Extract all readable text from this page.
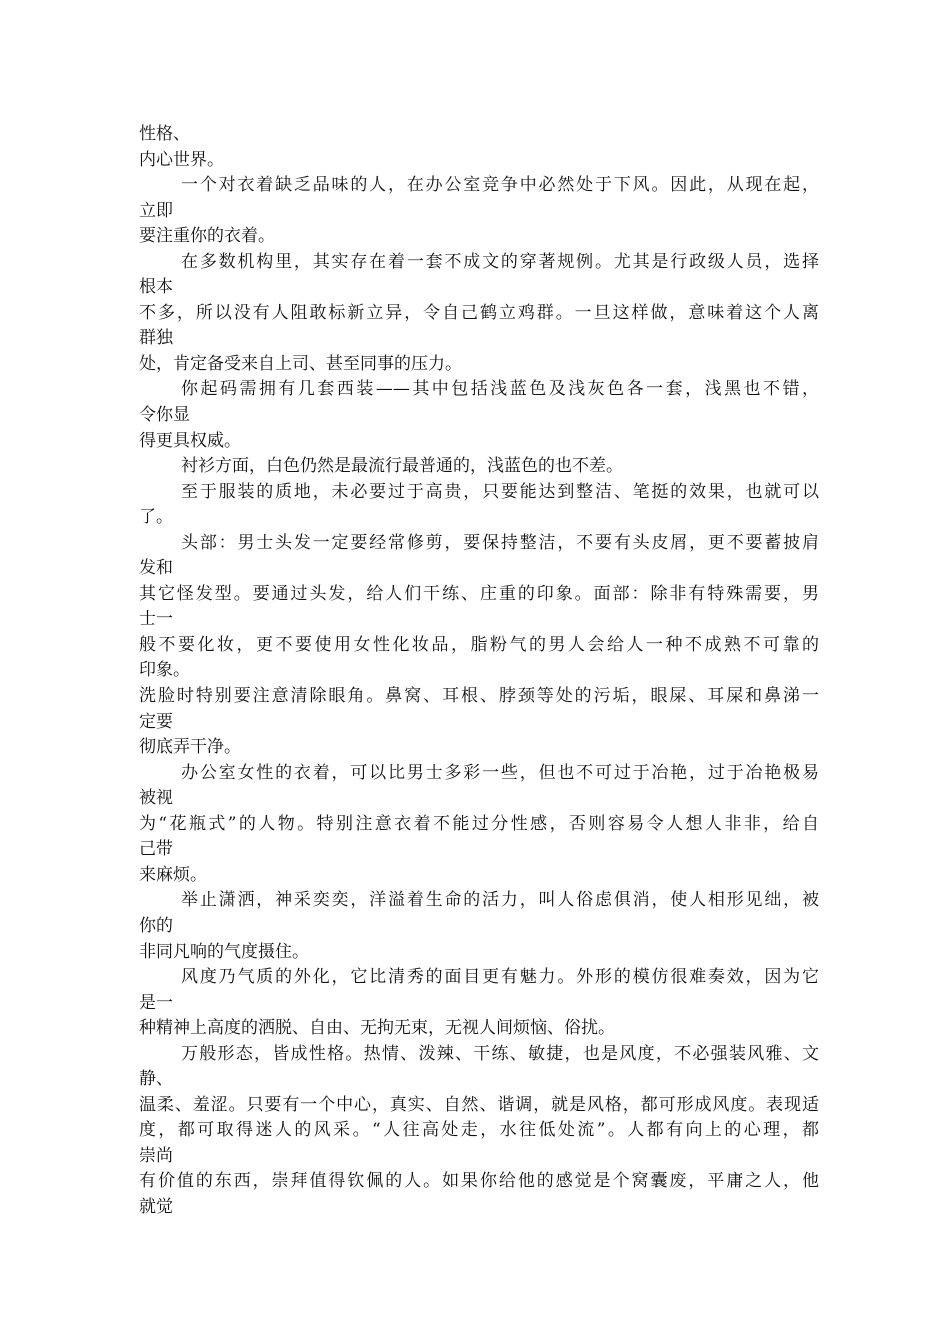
性格、
内心世界。
一个对衣着缺乏品味的人，在办公室竞争中必然处于下风。因此，从现在起，
立即
要注重你的衣着。
在多数机构里，其实存在着一套不成文的穿著规例。尤其是行政级人员，选择
根本
不多，所以没有人阻敢标新立异，令自己鹤立鸡群。一旦这样做，意味着这个人离
群独
处，肯定备受来自上司、甚至同事的压力。
你起码需拥有几套西装——其中包括浅蓝色及浅灰色各一套，浅黑也不错，
令你显
得更具权威。
衬衫方面，白色仍然是最流行最普通的，浅蓝色的也不差。
至于服装的质地，未必要过于高贵，只要能达到整洁、笔挺的效果，也就可以
了。
头部：男士头发一定要经常修剪，要保持整洁，不要有头皮屑，更不要蓄披肩
发和
其它怪发型。要通过头发，给人们干练、庄重的印象。面部：除非有特殊需要，男
士一
般不要化妆，更不要使用女性化妆品，脂粉气的男人会给人一种不成熟不可靠的
印象。
洗脸时特别要注意清除眼角。鼻窝、耳根、脖颈等处的污垢，眼屎、耳屎和鼻涕一
定要
彻底弄干净。
办公室女性的衣着，可以比男士多彩一些，但也不可过于冶艳，过于冶艳极易
被视
为“花瓶式”的人物。特别注意衣着不能过分性感，否则容易令人想人非非，给自
己带
来麻烦。
举止潇洒，神采奕奕，洋溢着生命的活力，叫人俗虑俱消，使人相形见绌，被
你的
非同凡响的气度摄住。
风度乃气质的外化，它比清秀的面目更有魅力。外形的模仿很难奏效，因为它
是一
种精神上高度的洒脱、自由、无拘无束，无视人间烦恼、俗扰。
万般形态，皆成性格。热情、泼辣、干练、敏捷，也是风度，不必强装风雅、文
静、
温柔、羞涩。只要有一个中心，真实、自然、谐调，就是风格，都可形成风度。表现适
度，都可取得迷人的风采。“人往高处走，水往低处流”。人都有向上的心理，都
崇尚
有价值的东西，崇拜值得钦佩的人。如果你给他的感觉是个窝囊废，平庸之人，他
就觉
